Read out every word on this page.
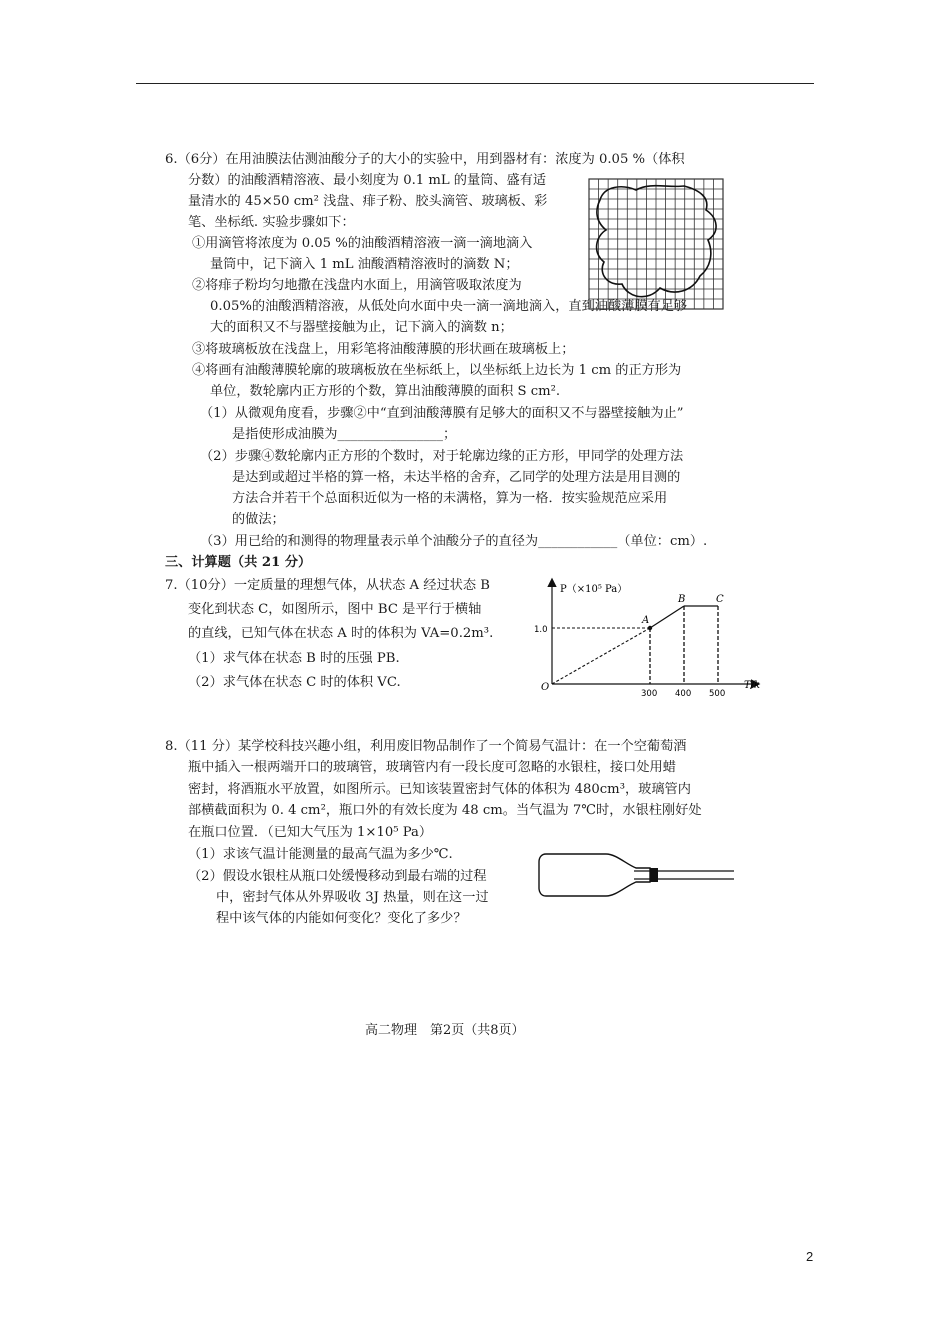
6.（6分）在用油膜法估测油酸分子的大小的实验中，用到器材有：浓度为 0.05 %（体积
分数）的油酸酒精溶液、最小刻度为 0.1 mL 的量筒、盛有适
量清水的 45×50 cm² 浅盘、痱子粉、胶头滴管、玻璃板、彩
笔、坐标纸. 实验步骤如下：
①用滴管将浓度为 0.05 %的油酸酒精溶液一滴一滴地滴入
量筒中，记下滴入 1 mL 油酸酒精溶液时的滴数 N；
②将痱子粉均匀地撒在浅盘内水面上，用滴管吸取浓度为
0.05%的油酸酒精溶液，从低处向水面中央一滴一滴地滴入，直到油酸薄膜有足够
大的面积又不与器壁接触为止，记下滴入的滴数 n；
③将玻璃板放在浅盘上，用彩笔将油酸薄膜的形状画在玻璃板上；
④将画有油酸薄膜轮廓的玻璃板放在坐标纸上，以坐标纸上边长为 1 cm 的正方形为
单位，数轮廓内正方形的个数，算出油酸薄膜的面积 S cm².
（1）从微观角度看，步骤②中“直到油酸薄膜有足够大的面积又不与器壁接触为止”
是指使形成油膜为________________；
（2）步骤④数轮廓内正方形的个数时，对于轮廓边缘的正方形，甲同学的处理方法
是达到或超过半格的算一格，未达半格的舍弃，乙同学的处理方法是用目测的
方法合并若干个总面积近似为一格的未满格，算为一格．按实验规范应采用
的做法；
（3）用已给的和测得的物理量表示单个油酸分子的直径为____________（单位：cm）.
三、计算题（共 21 分）
7.（10分）一定质量的理想气体，从状态 A 经过状态 B
变化到状态 C，如图所示，图中 BC 是平行于横轴
的直线，已知气体在状态 A 时的体积为 VA=0.2m³.
（1）求气体在状态 B 时的压强 PB.
（2）求气体在状态 C 时的体积 VC.
P（×10⁵ Pa）
T/k
O
1.0
300 400 500
A
B	C
8.（11 分）某学校科技兴趣小组，利用废旧物品制作了一个简易气温计：在一个空葡萄酒
瓶中插入一根两端开口的玻璃管，玻璃管内有一段长度可忽略的水银柱，接口处用蜡
密封，将酒瓶水平放置，如图所示。已知该装置密封气体的体积为 480cm³，玻璃管内
部横截面积为 0. 4 cm²，瓶口外的有效长度为 48 cm。当气温为 7℃时，水银柱刚好处
在瓶口位置．（已知大气压为 1×10⁵ Pa）
（1）求该气温计能测量的最高气温为多少℃.
（2）假设水银柱从瓶口处缓慢移动到最右端的过程
中，密封气体从外界吸收 3J 热量，则在这一过
程中该气体的内能如何变化？变化了多少？
高二物理　第2页（共8页）
2
